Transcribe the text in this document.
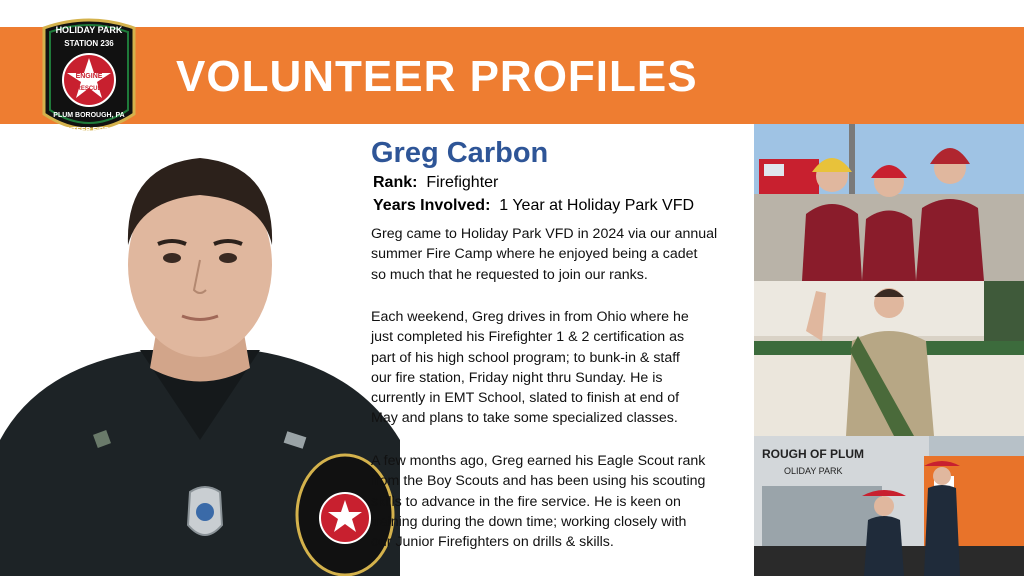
VOLUNTEER PROFILES
HOLIDAY PARK
STATION 236
ENGINE
RESCUE
PLUM BOROUGH, PA
VOLUNTEER FIRE DEPT.
Greg Carbon
Rank: Firefighter
Years Involved: 1 Year at Holiday Park VFD
Greg came to Holiday Park VFD in 2024 via our annual
summer Fire Camp where he enjoyed being a cadet
so much that he requested to join our ranks.
Each weekend, Greg drives in from Ohio where he
just completed his Firefighter 1 & 2 certification as
part of his high school program; to bunk-in & staff
our fire station, Friday night thru Sunday. He is
currently in EMT School, slated to finish at end of
May and plans to take some specialized classes.
A few months ago, Greg earned his Eagle Scout rank
from the Boy Scouts and has been using his scouting
skills to advance in the fire service. He is keen on
training during the down time; working closely with
our Junior Firefighters on drills & skills.
ROUGH OF PLUM
OLIDAY PARK
